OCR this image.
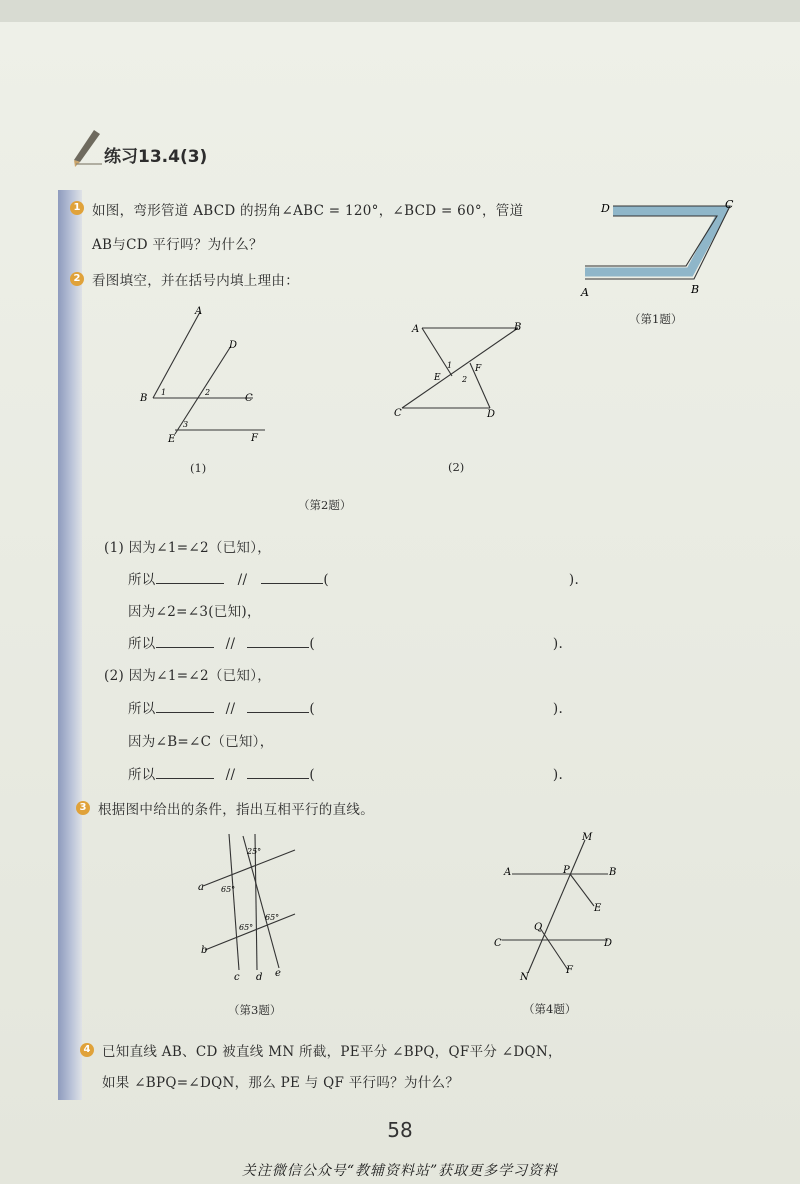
练习13.4(3)
1 如图，弯形管道 ABCD 的拐角∠ABC = 120°，∠BCD = 60°，管道
AB与CD 平行吗？为什么？
D	C
A	B
（第1题）
2 看图填空，并在括号内填上理由：
A
D
B	C
E	F
1	2
3
(1)
A	B
C	D
E
F
1
2
(2)
（第2题）
(1) 因为∠1=∠2（已知），
所以	//	(	).
因为∠2=∠3(已知)，
所以	//	(	).
(2) 因为∠1=∠2（已知），
所以	//	(	).
因为∠B=∠C（已知），
所以	//	(	).
3 根据图中给出的条件，指出互相平行的直线。
a
b
c d e
25°
65°
65°
65°
（第3题）
M
A	B
P
E
Q
C	D
N
F
（第4题）
4 已知直线 AB、CD 被直线 MN 所截，PE平分 ∠BPQ，QF平分 ∠DQN，
如果 ∠BPQ=∠DQN，那么 PE 与 QF 平行吗？为什么？
58
关注微信公众号“教辅资料站”获取更多学习资料
